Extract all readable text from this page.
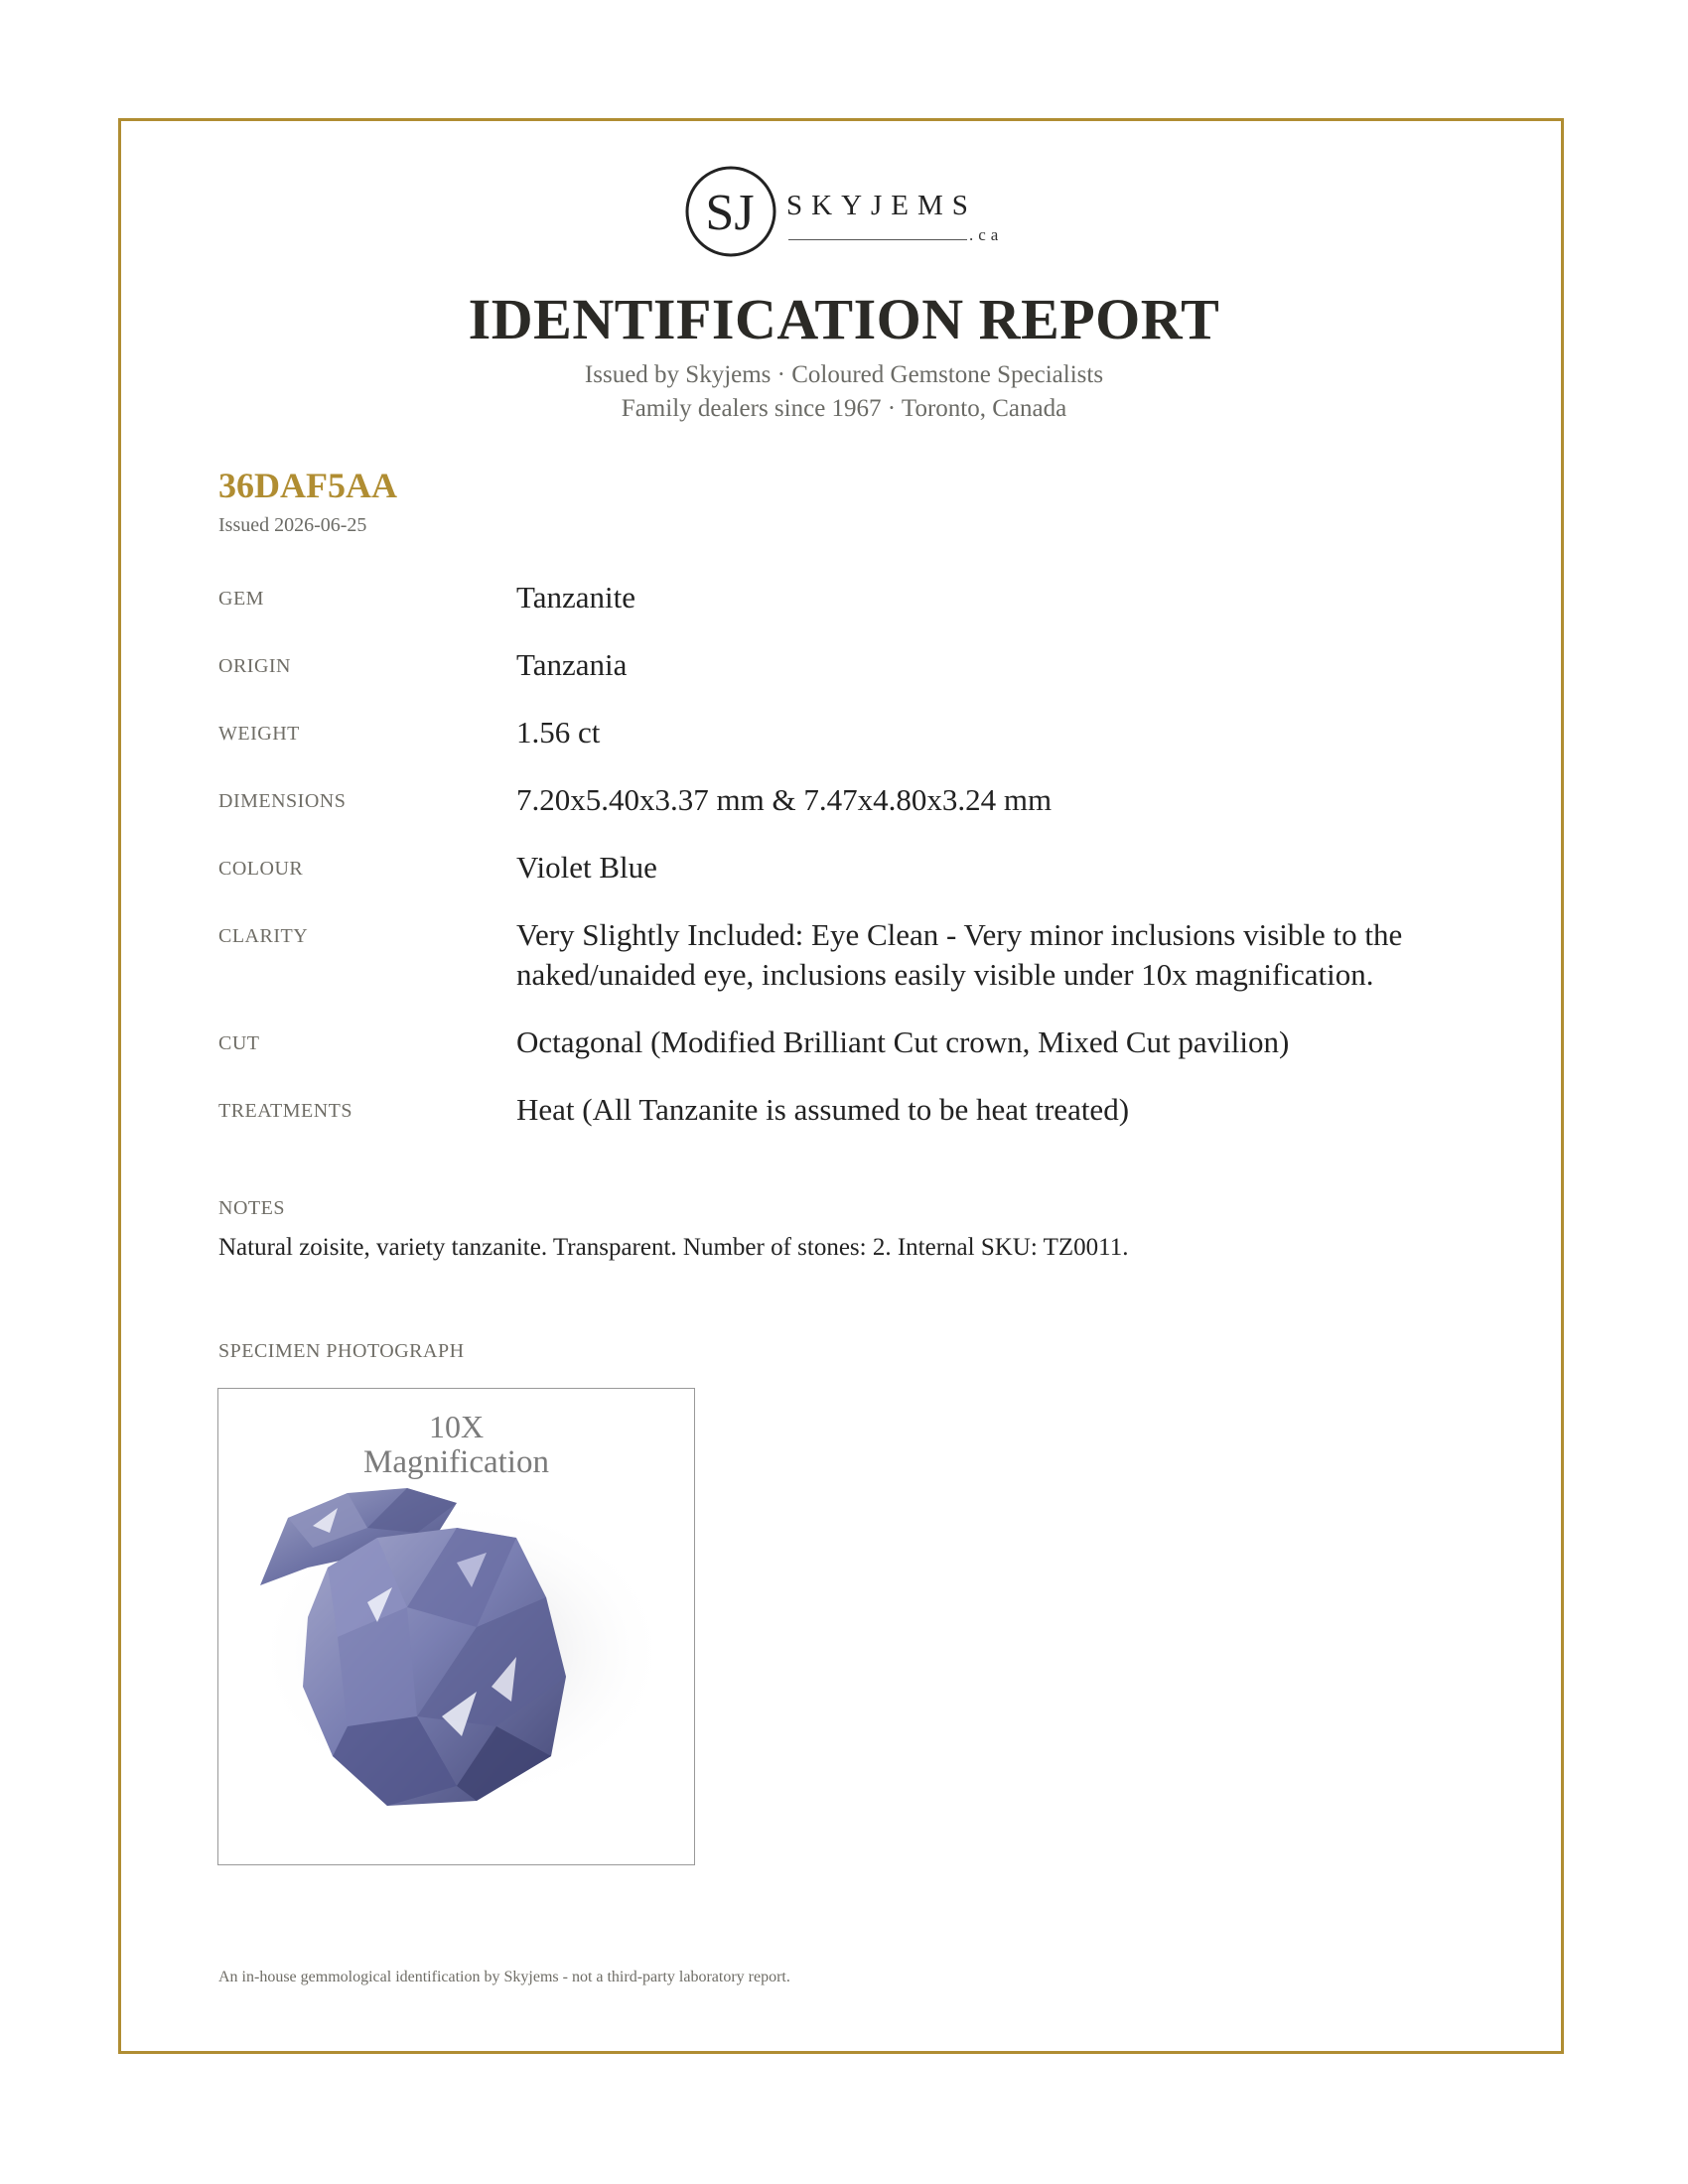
SJ SKYJEMS
.ca
IDENTIFICATION REPORT
Issued by Skyjems · Coloured Gemstone Specialists
Family dealers since 1967 · Toronto, Canada
36DAF5AA
Issued 2026-06-25
GEM	Tanzanite
ORIGIN	Tanzania
WEIGHT	1.56 ct
DIMENSIONS	7.20x5.40x3.37 mm & 7.47x4.80x3.24 mm
COLOUR	Violet Blue
CLARITY	Very Slightly Included: Eye Clean - Very minor inclusions visible to the naked/unaided eye, inclusions easily visible under 10x magnification.
CUT	Octagonal (Modified Brilliant Cut crown, Mixed Cut pavilion)
TREATMENTS	Heat (All Tanzanite is assumed to be heat treated)
NOTES
Natural zoisite, variety tanzanite. Transparent. Number of stones: 2. Internal SKU: TZ0011.
SPECIMEN PHOTOGRAPH
10X
Magnification
An in-house gemmological identification by Skyjems - not a third-party laboratory report.
